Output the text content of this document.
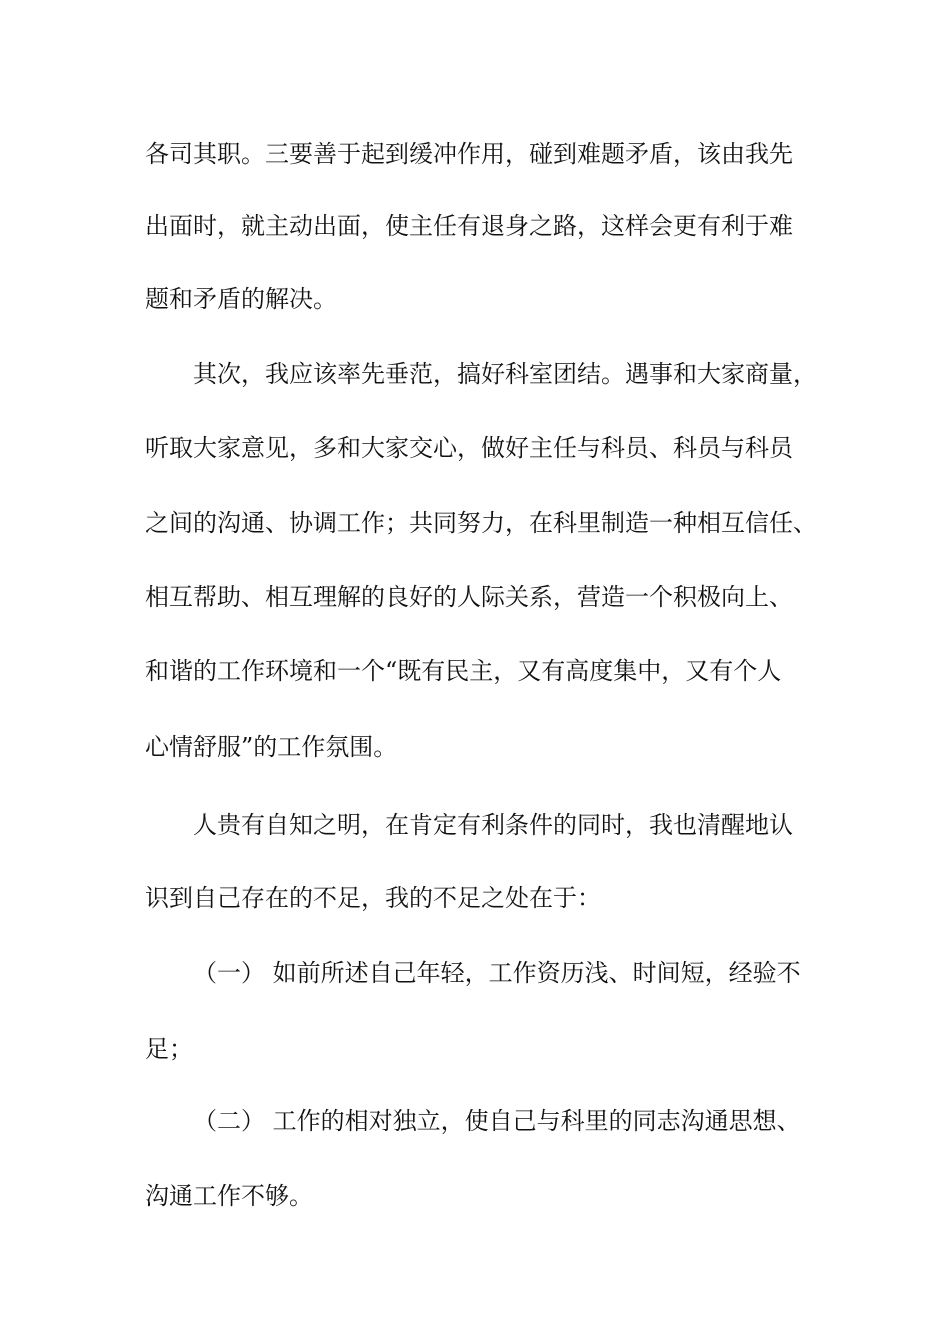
各司其职。三要善于起到缓冲作用，碰到难题矛盾，该由我先
出面时，就主动出面，使主任有退身之路，这样会更有利于难
题和矛盾的解决。
其次，我应该率先垂范，搞好科室团结。遇事和大家商量，
听取大家意见，多和大家交心，做好主任与科员、科员与科员
之间的沟通、协调工作；共同努力，在科里制造一种相互信任、
相互帮助、相互理解的良好的人际关系，营造一个积极向上、
和谐的工作环境和一个“既有民主，又有高度集中，又有个人
心情舒服”的工作氛围。
人贵有自知之明，在肯定有利条件的同时，我也清醒地认
识到自己存在的不足，我的不足之处在于：
（一） 如前所述自己年轻，工作资历浅、时间短，经验不
足；
（二） 工作的相对独立，使自己与科里的同志沟通思想、
沟通工作不够。
